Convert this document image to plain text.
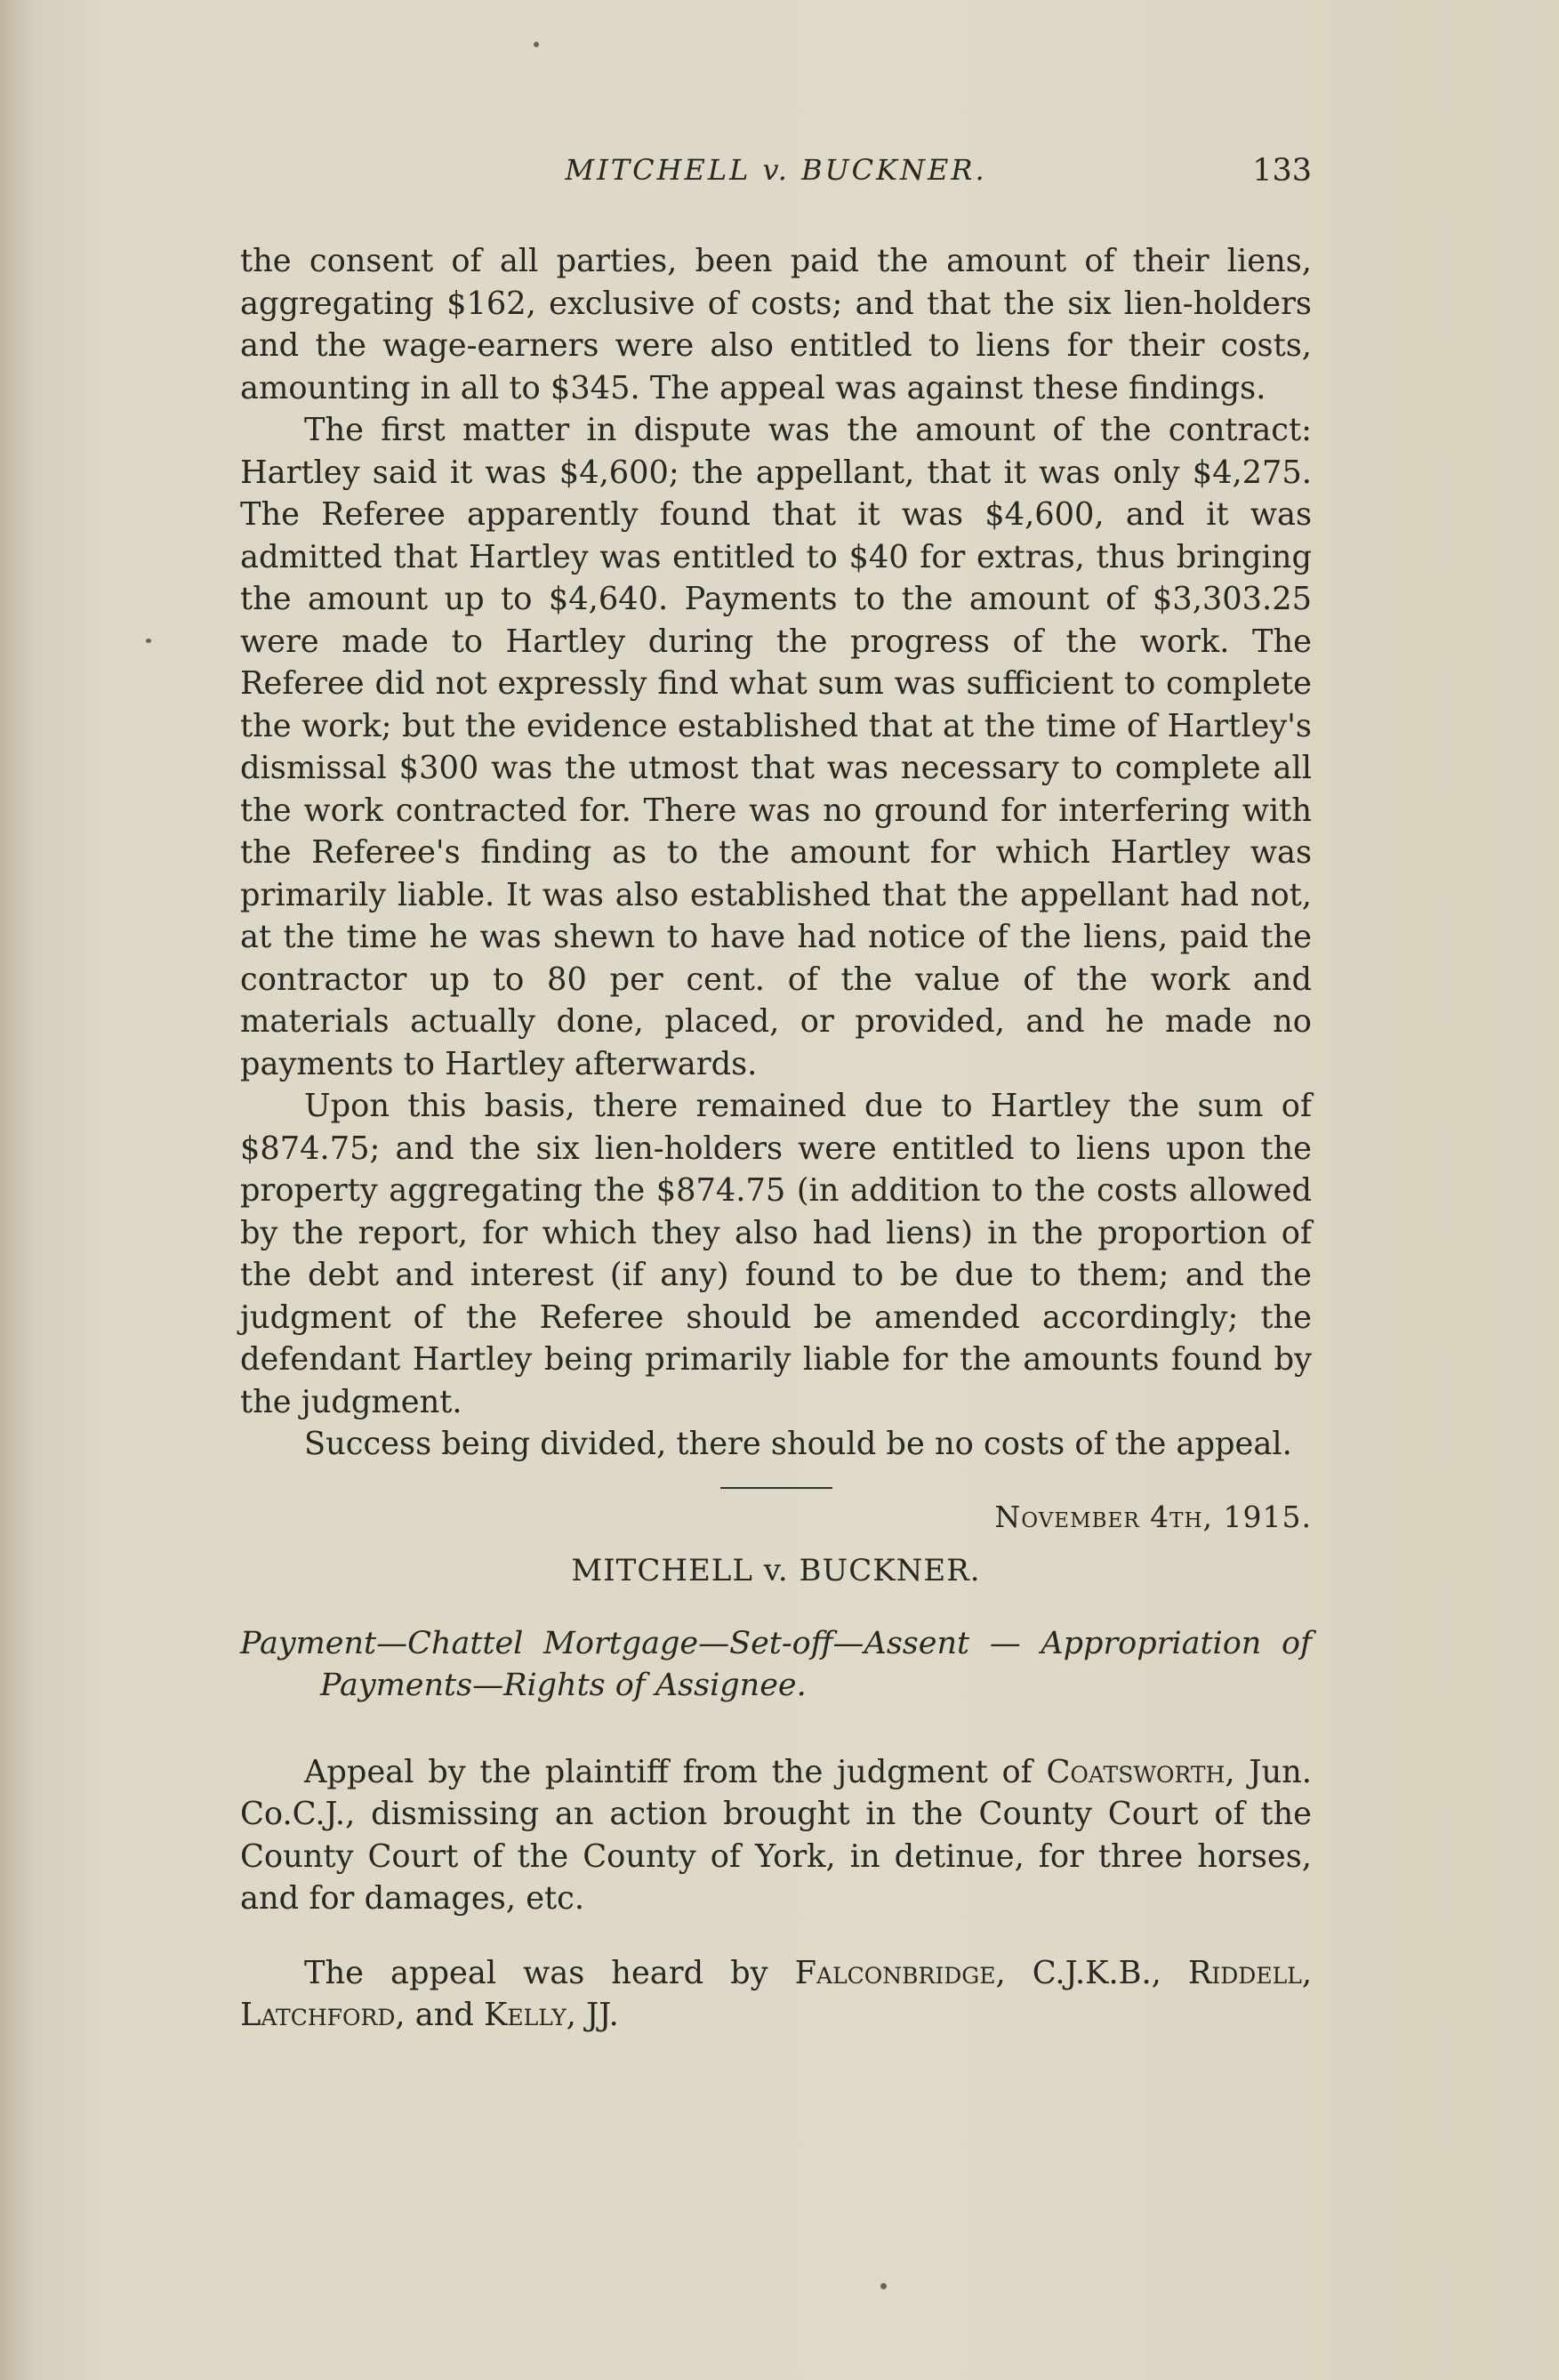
MITCHELL v. BUCKNER.	133

the consent of all parties, been paid the amount of their liens, aggregating $162, exclusive of costs; and that the six lien-holders and the wage-earners were also entitled to liens for their costs, amounting in all to $345. The appeal was against these findings.

The first matter in dispute was the amount of the contract: Hartley said it was $4,600; the appellant, that it was only $4,275. The Referee apparently found that it was $4,600, and it was admitted that Hartley was entitled to $40 for extras, thus bringing the amount up to $4,640. Payments to the amount of $3,303.25 were made to Hartley during the progress of the work. The Referee did not expressly find what sum was sufficient to complete the work; but the evidence established that at the time of Hartley's dismissal $300 was the utmost that was necessary to complete all the work contracted for. There was no ground for interfering with the Referee's finding as to the amount for which Hartley was primarily liable. It was also established that the appellant had not, at the time he was shewn to have had notice of the liens, paid the contractor up to 80 per cent. of the value of the work and materials actually done, placed, or provided, and he made no payments to Hartley afterwards.

Upon this basis, there remained due to Hartley the sum of $874.75; and the six lien-holders were entitled to liens upon the property aggregating the $874.75 (in addition to the costs allowed by the report, for which they also had liens) in the proportion of the debt and interest (if any) found to be due to them; and the judgment of the Referee should be amended accordingly; the defendant Hartley being primarily liable for the amounts found by the judgment.

Success being divided, there should be no costs of the appeal.

November 4th, 1915.
MITCHELL v. BUCKNER.
Payment—Chattel Mortgage—Set-off—Assent — Appropriation of Payments—Rights of Assignee.

Appeal by the plaintiff from the judgment of Coatsworth, Jun. Co.C.J., dismissing an action brought in the County Court of the County Court of the County of York, in detinue, for three horses, and for damages, etc.

The appeal was heard by Falconbridge, C.J.K.B., Riddell, Latchford, and Kelly, JJ.
